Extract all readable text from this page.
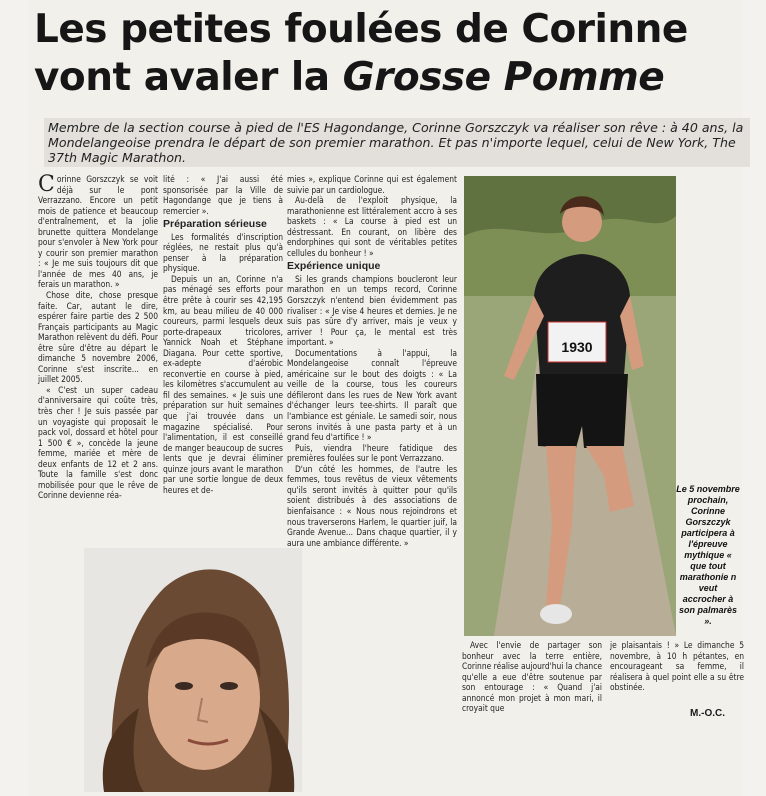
Les petites foulées de Corinne
vont avaler la Grosse Pomme
Membre de la section course à pied de l'ES Hagondange, Corinne Gorszczyk va réaliser son rêve : à 40 ans, la Mondelangeoise prendra le départ de son premier marathon. Et pas n'importe lequel, celui de New York, The 37th Magic Marathon.

Corinne Gorszczyk se voit déjà sur le pont Verrazzano. Encore un petit mois de patience et beaucoup d'entraînement, et la jolie brunette quittera Mondelange pour s'envoler à New York pour y courir son premier marathon : « Je me suis toujours dit que l'année de mes 40 ans, je ferais un marathon. »

Chose dite, chose presque faite. Car, autant le dire, espérer faire partie des 2 500 Français participants au Magic Marathon relèvent du défi. Pour être sûre d'être au départ le dimanche 5 novembre 2006, Corinne s'est inscrite... en juillet 2005.

« C'est un super cadeau d'anniversaire qui coûte très, très cher ! Je suis passée par un voyagiste qui proposait le pack vol, dossard et hôtel pour 1 500 € », concède la jeune femme, mariée et mère de deux enfants de 12 et 2 ans. Toute la famille s'est donc mobilisée pour que le rêve de Corinne devienne réa-

lité : « J'ai aussi été sponsorisée par la Ville de Hagondange que je tiens à remercier ».

Préparation sérieuse

Les formalités d'inscription réglées, ne restait plus qu'à penser à la préparation physique.

Depuis un an, Corinne n'a pas ménagé ses efforts pour être prête à courir ses 42,195 km, au beau milieu de 40 000 coureurs, parmi lesquels deux porte-drapeaux tricolores, Yannick Noah et Stéphane Diagana. Pour cette sportive, ex-adepte d'aérobic reconvertie en course à pied, les kilomètres s'accumulent au fil des semaines. « Je suis une préparation sur huit semaines que j'ai trouvée dans un magazine spécialisé. Pour l'alimentation, il est conseillé de manger beaucoup de sucres lents que je devrai éliminer quinze jours avant le marathon par une sortie longue de deux heures et de-

mies », explique Corinne qui est également suivie par un cardiologue.

Au-delà de l'exploit physique, la marathonienne est littéralement accro à ses baskets : « La course à pied est un déstressant. En courant, on libère des endorphines qui sont de véritables petites cellules du bonheur ! »

Expérience unique

Si les grands champions boucleront leur marathon en un temps record, Corinne Gorszczyk n'entend bien évidemment pas rivaliser : « Je vise 4 heures et demies. Je ne suis pas sûre d'y arriver, mais je veux y arriver ! Pour ça, le mental est très important. »

Documentations à l'appui, la Mondelangeoise connaît l'épreuve américaine sur le bout des doigts : « La veille de la course, tous les coureurs défileront dans les rues de New York avant d'échanger leurs tee-shirts. Il paraît que l'ambiance est géniale. Le samedi soir, nous serons invités à une pasta party et à un grand feu d'artifice ! »

Puis, viendra l'heure fatidique des premières foulées sur le pont Verrazzano.

D'un côté les hommes, de l'autre les femmes, tous revêtus de vieux vêtements qu'ils seront invités à quitter pour qu'ils soient distribués à des associations de bienfaisance : « Nous nous rejoindrons et nous traverserons Harlem, le quartier juif, la Grande Avenue... Dans chaque quartier, il y aura une ambiance différente. »

Avec l'envie de partager son bonheur avec la terre entière, Corinne réalise aujourd'hui la chance qu'elle a eue d'être soutenue par son entourage : « Quand j'ai annoncé mon projet à mon mari, il croyait que

je plaisantais ! » Le dimanche 5 novembre, à 10 h pétantes, en encourageant sa femme, il réalisera à quel point elle a su être obstinée.

1930
Le 5 novembre prochain, Corinne Gorszczyk participera à l'épreuve mythique « que tout marathonie n veut accrocher à son palmarès ».
M.-O.C.
